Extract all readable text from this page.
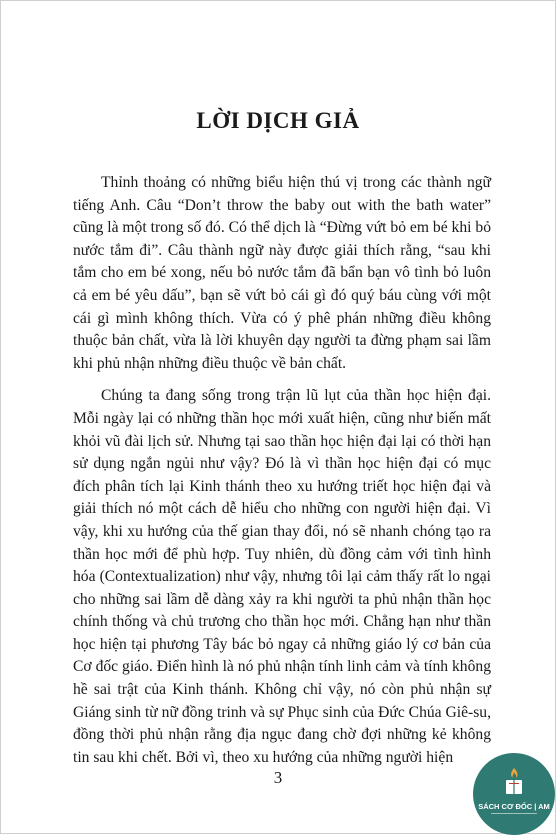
LỜI DỊCH GIẢ

Thỉnh thoảng có những biểu hiện thú vị trong các thành ngữ tiếng Anh. Câu “Don’t throw the baby out with the bath water” cũng là một trong số đó. Có thể dịch là “Đừng vứt bỏ em bé khi bỏ nước tắm đi”. Câu thành ngữ này được giải thích rằng, “sau khi tắm cho em bé xong, nếu bỏ nước tắm đã bẩn bạn vô tình bỏ luôn cả em bé yêu dấu”, bạn sẽ vứt bỏ cái gì đó quý báu cùng với một cái gì mình không thích. Vừa có ý phê phán những điều không thuộc bản chất, vừa là lời khuyên dạy người ta đừng phạm sai lầm khi phủ nhận những điều thuộc về bản chất.

Chúng ta đang sống trong trận lũ lụt của thần học hiện đại. Mỗi ngày lại có những thần học mới xuất hiện, cũng như biến mất khỏi vũ đài lịch sử. Nhưng tại sao thần học hiện đại lại có thời hạn sử dụng ngắn ngủi như vậy? Đó là vì thần học hiện đại có mục đích phân tích lại Kinh thánh theo xu hướng triết học hiện đại và giải thích nó một cách dễ hiểu cho những con người hiện đại. Vì vậy, khi xu hướng của thế gian thay đổi, nó sẽ nhanh chóng tạo ra thần học mới để phù hợp. Tuy nhiên, dù đồng cảm với tình hình hóa (Contextualization) như vậy, nhưng tôi lại cảm thấy rất lo ngại cho những sai lầm dễ dàng xảy ra khi người ta phủ nhận thần học chính thống và chủ trương cho thần học mới. Chẳng hạn như thần học hiện tại phương Tây bác bỏ ngay cả những giáo lý cơ bản của Cơ đốc giáo. Điển hình là nó phủ nhận tính linh cảm và tính không hề sai trật của Kinh thánh. Không chỉ vậy, nó còn phủ nhận sự Giáng sinh từ nữ đồng trinh và sự Phục sinh của Đức Chúa Giê-su, đồng thời phủ nhận rằng địa ngục đang chờ đợi những kẻ không tin sau khi chết. Bởi vì, theo xu hướng của những người hiện

3
SÁCH CƠ ĐỐC | AM
